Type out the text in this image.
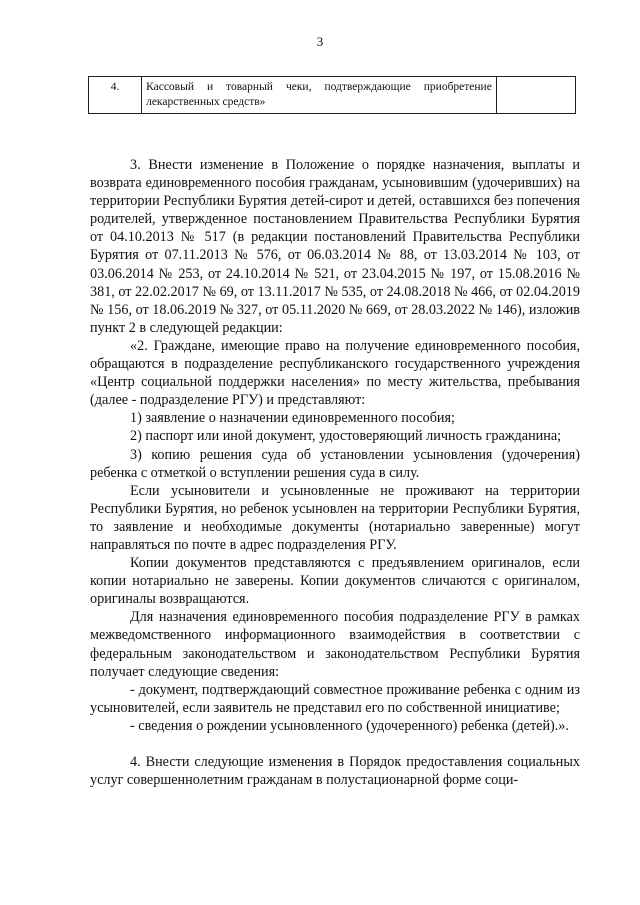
3
4.	Кассовый и товарный чеки, подтверждающие приобретение лекарственных средств»	

3. Внести изменение в Положение о порядке назначения, выплаты и возврата единовременного пособия гражданам, усыновившим (удочеривших) на территории Республики Бурятия детей-сирот и детей, оставшихся без попечения родителей, утвержденное постановлением Правительства Республики Бурятия от 04.10.2013 № 517 (в редакции постановлений Правительства Республики Бурятия от 07.11.2013 № 576, от 06.03.2014 № 88, от 13.03.2014 № 103, от 03.06.2014 № 253, от 24.10.2014 № 521, от 23.04.2015 № 197, от 15.08.2016 № 381, от 22.02.2017 № 69, от 13.11.2017 № 535, от 24.08.2018 № 466, от 02.04.2019 № 156, от 18.06.2019 № 327, от 05.11.2020 № 669, от 28.03.2022 № 146), изложив пункт 2 в следующей редакции:

«2. Граждане, имеющие право на получение единовременного пособия, обращаются в подразделение республиканского государственного учреждения «Центр социальной поддержки населения» по месту жительства, пребывания (далее - подразделение РГУ) и представляют:

1) заявление о назначении единовременного пособия;

2) паспорт или иной документ, удостоверяющий личность гражданина;

3) копию решения суда об установлении усыновления (удочерения) ребенка с отметкой о вступлении решения суда в силу.

Если усыновители и усыновленные не проживают на территории Республики Бурятия, но ребенок усыновлен на территории Республики Бурятия, то заявление и необходимые документы (нотариально заверенные) могут направляться по почте в адрес подразделения РГУ.

Копии документов представляются с предъявлением оригиналов, если копии нотариально не заверены. Копии документов сличаются с оригиналом, оригиналы возвращаются.

Для назначения единовременного пособия подразделение РГУ в рамках межведомственного информационного взаимодействия в соответствии с федеральным законодательством и законодательством Республики Бурятия получает следующие сведения:

- документ, подтверждающий совместное проживание ребенка с одним из усыновителей, если заявитель не представил его по собственной инициативе;

- сведения о рождении усыновленного (удочеренного) ребенка (детей).».

4. Внести следующие изменения в Порядок предоставления социальных услуг совершеннолетним гражданам в полустационарной форме соци-
